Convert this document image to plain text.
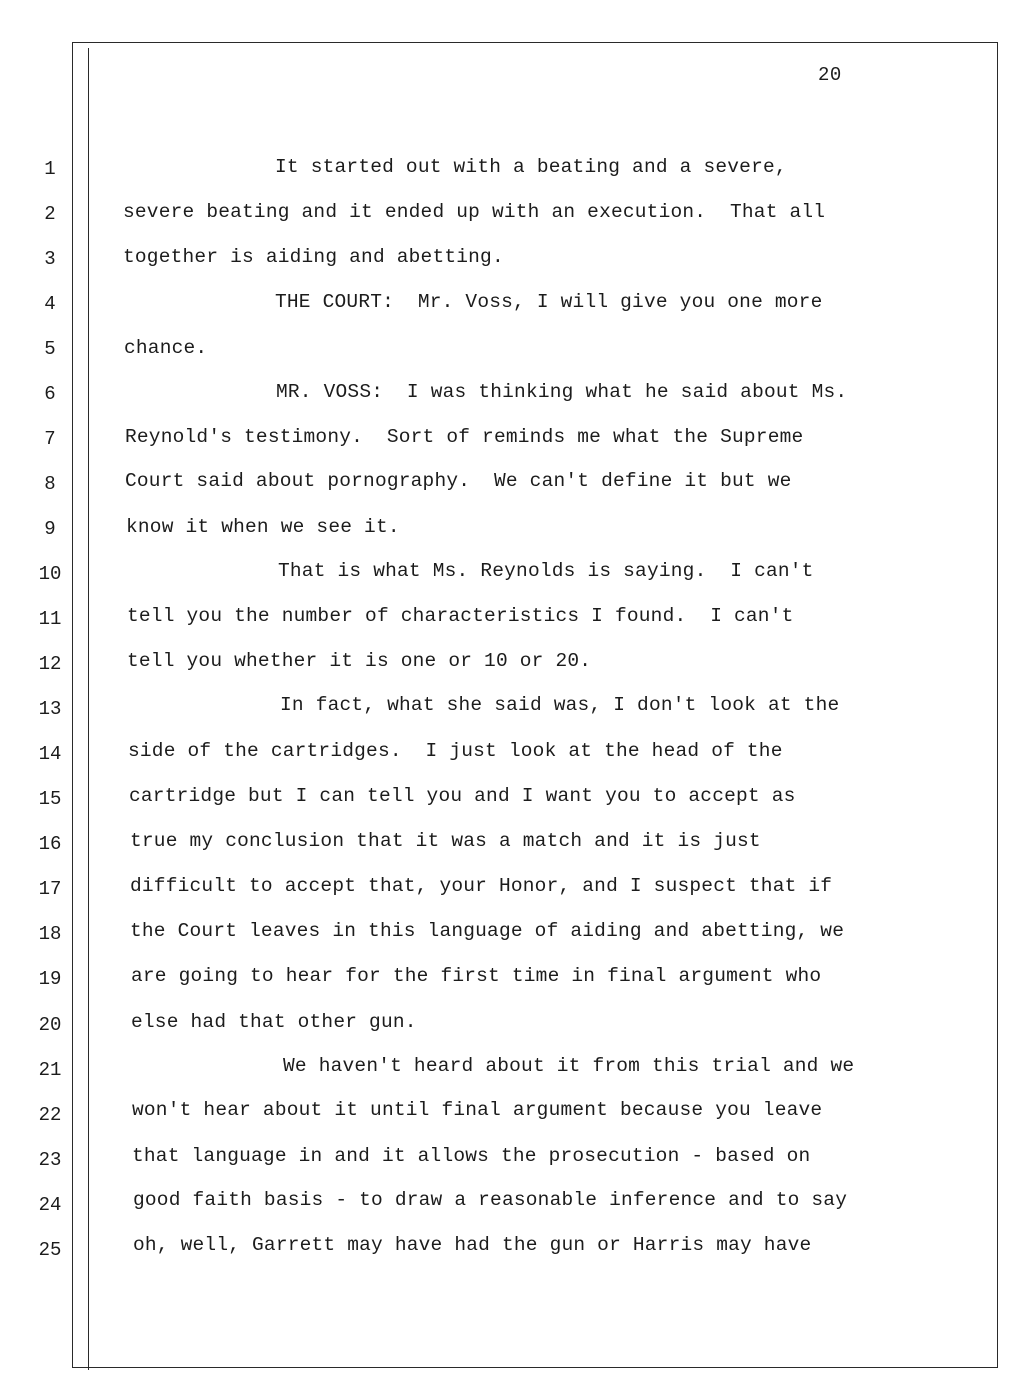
20
1
2
3
4
5
6
7
8
9
10
11
12
13
14
15
16
17
18
19
20
21
22
23
24
25
It started out with a beating and a severe,
severe beating and it ended up with an execution.  That all
together is aiding and abetting.
THE COURT:  Mr. Voss, I will give you one more
chance.
MR. VOSS:  I was thinking what he said about Ms.
Reynold's testimony.  Sort of reminds me what the Supreme
Court said about pornography.  We can't define it but we
know it when we see it.
That is what Ms. Reynolds is saying.  I can't
tell you the number of characteristics I found.  I can't
tell you whether it is one or 10 or 20.
In fact, what she said was, I don't look at the
side of the cartridges.  I just look at the head of the
cartridge but I can tell you and I want you to accept as
true my conclusion that it was a match and it is just
difficult to accept that, your Honor, and I suspect that if
the Court leaves in this language of aiding and abetting, we
are going to hear for the first time in final argument who
else had that other gun.
We haven't heard about it from this trial and we
won't hear about it until final argument because you leave
that language in and it allows the prosecution - based on
good faith basis - to draw a reasonable inference and to say
oh, well, Garrett may have had the gun or Harris may have
